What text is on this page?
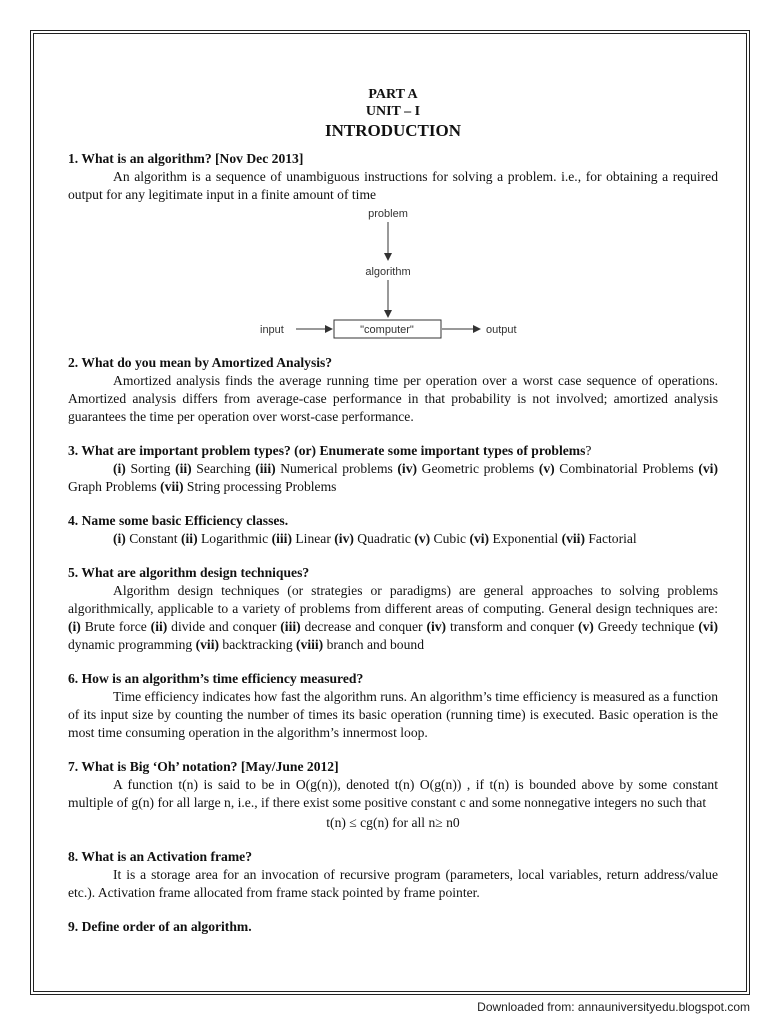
PART A
UNIT – I
INTRODUCTION
1. What is an algorithm? [Nov Dec 2013]

An algorithm is a sequence of unambiguous instructions for solving a problem. i.e., for obtaining a required output for any legitimate input in a finite amount of time

problem
algorithm
"computer"
input	output
2. What do you mean by Amortized Analysis?

Amortized analysis finds the average running time per operation over a worst case sequence of operations. Amortized analysis differs from average-case performance in that probability is not involved; amortized analysis guarantees the time per operation over worst-case performance.

3. What are important problem types? (or) Enumerate some important types of problems?

(i) Sorting (ii) Searching (iii) Numerical problems (iv) Geometric problems (v) Combinatorial Problems (vi) Graph Problems (vii) String processing Problems

4. Name some basic Efficiency classes.

(i) Constant (ii) Logarithmic (iii) Linear (iv) Quadratic (v) Cubic (vi) Exponential (vii) Factorial

5. What are algorithm design techniques?

Algorithm design techniques (or strategies or paradigms) are general approaches to solving problems algorithmically, applicable to a variety of problems from different areas of computing. General design techniques are: (i) Brute force (ii) divide and conquer (iii) decrease and conquer (iv) transform and conquer (v) Greedy technique (vi) dynamic programming (vii) backtracking (viii) branch and bound

6. How is an algorithm’s time efficiency measured?

Time efficiency indicates how fast the algorithm runs. An algorithm’s time efficiency is measured as a function of its input size by counting the number of times its basic operation (running time) is executed. Basic operation is the most time consuming operation in the algorithm’s innermost loop.

7. What is Big ‘Oh’ notation? [May/June 2012]

A function t(n) is said to be in O(g(n)), denoted t(n) O(g(n)) , if t(n) is bounded above by some constant multiple of g(n) for all large n, i.e., if there exist some positive constant c and some nonnegative integers no such that

t(n) ≤ cg(n) for all n≥ n0
8. What is an Activation frame?

It is a storage area for an invocation of recursive program (parameters, local variables, return address/value etc.). Activation frame allocated from frame stack pointed by frame pointer.

9. Define order of an algorithm.
Downloaded from: annauniversityedu.blogspot.com
